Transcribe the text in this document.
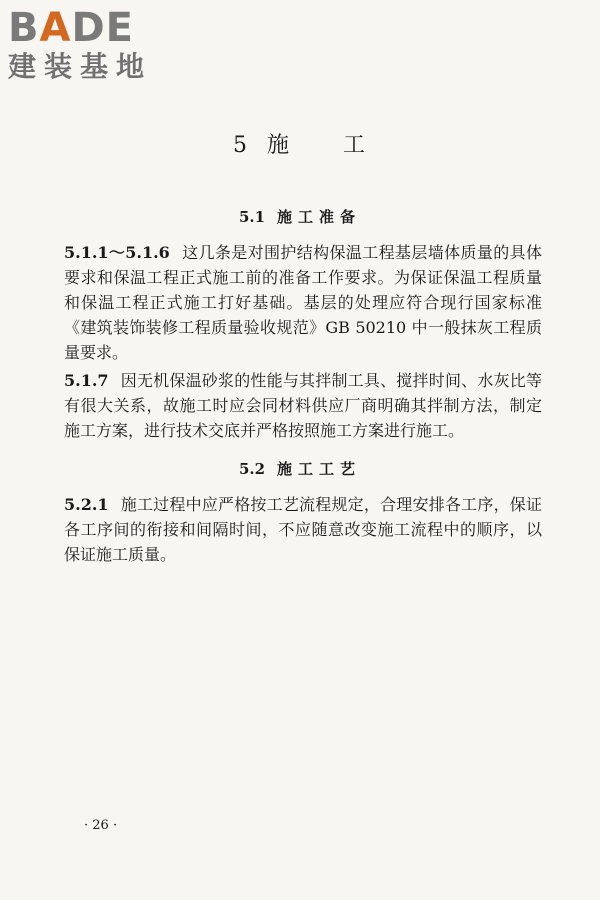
BADE
建装基地
5 施 工
5.1 施工准备
5.1.1～5.1.6 这几条是对围护结构保温工程基层墙体质量的具体要求和保温工程正式施工前的准备工作要求。为保证保温工程质量和保温工程正式施工打好基础。基层的处理应符合现行国家标准《建筑装饰装修工程质量验收规范》GB 50210 中一般抹灰工程质量要求。
5.1.7 因无机保温砂浆的性能与其拌制工具、搅拌时间、水灰比等有很大关系，故施工时应会同材料供应厂商明确其拌制方法，制定施工方案，进行技术交底并严格按照施工方案进行施工。
5.2 施工工艺
5.2.1 施工过程中应严格按工艺流程规定，合理安排各工序，保证各工序间的衔接和间隔时间，不应随意改变施工流程中的顺序，以保证施工质量。
· 26 ·
